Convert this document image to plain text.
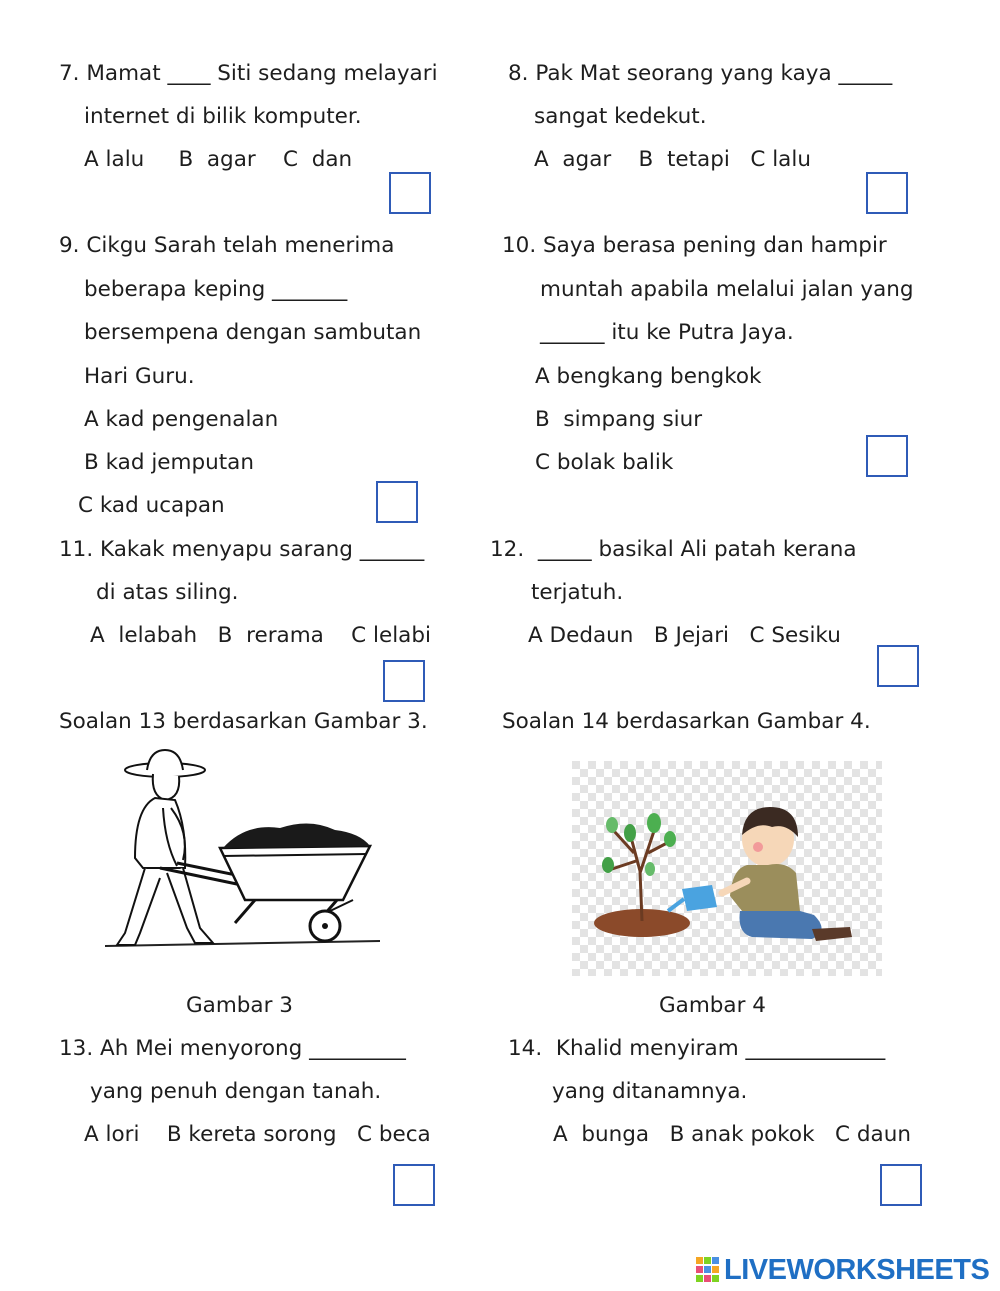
7. Mamat ____ Siti sedang melayari
internet di bilik komputer.
A lalu     B  agar    C  dan
8. Pak Mat seorang yang kaya _____
sangat kedekut.
A  agar    B  tetapi   C lalu
9. Cikgu Sarah telah menerima
beberapa keping _______
bersempena dengan sambutan
Hari Guru.
A kad pengenalan
B kad jemputan
C kad ucapan
10. Saya berasa pening dan hampir
muntah apabila melalui jalan yang
______ itu ke Putra Jaya.
A bengkang bengkok
B  simpang siur
C bolak balik
11. Kakak menyapu sarang ______
di atas siling.
A  lelabah   B  rerama    C lelabi
12.  _____ basikal Ali patah kerana
terjatuh.
A Dedaun   B Jejari   C Sesiku
Soalan 13 berdasarkan Gambar 3.	Soalan 14 berdasarkan Gambar 4.
Gambar 3	Gambar 4
13. Ah Mei menyorong _________
yang penuh dengan tanah.
A lori    B kereta sorong   C beca
14.  Khalid menyiram _____________
yang ditanamnya.
A  bunga   B anak pokok   C daun
LIVEWORKSHEETS
